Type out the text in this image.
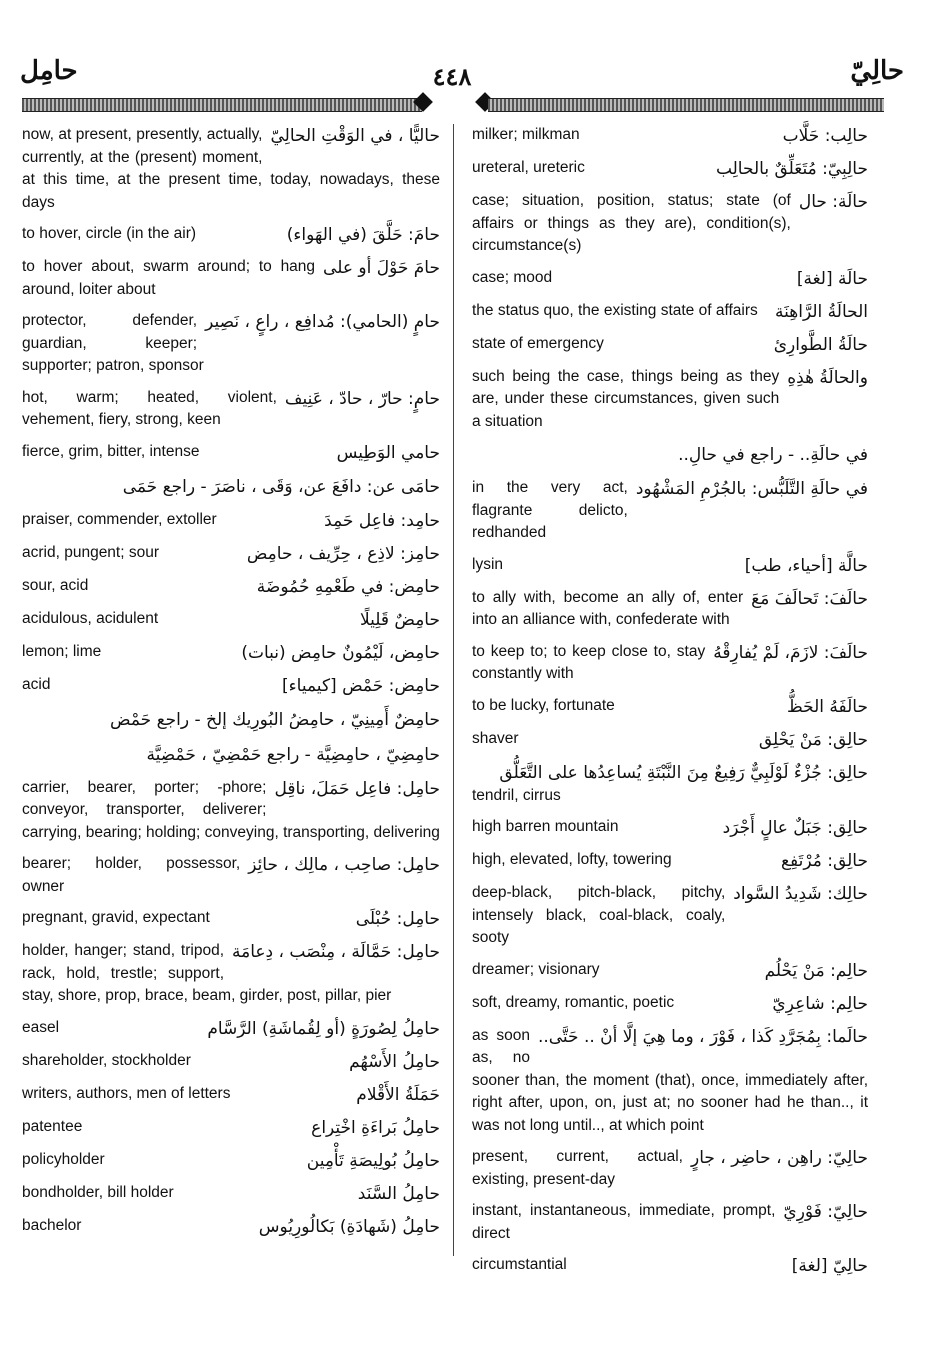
حامِل	٤٤٨	حالِيّ
حاليًّا ، في الوَقْتِ الحالِيّ
now, at present, presently, actually, currently, at the (present) moment, at this time, at the present time, today, nowadays, these days
حامَ: حَلَّقَ (في الهَواء)
to hover, circle (in the air)
حامَ حَوْلَ أو على
to hover about, swarm around; to hang around, loiter about
حامٍ (الحامي): مُدافِع ، راعٍ ، نَصِير
protector, defender, guardian, keeper; supporter; patron, sponsor
حامٍ: حارّ ، حادّ ، عَنِيف
hot, warm; heated, violent, vehement, fiery, strong, keen
حامي الوَطِيس
fierce, grim, bitter, intense
حامَى عن: دافَعَ عن، وَقَى ، ناصَرَ - راجع حَمَى
حامِد: فاعِل حَمِدَ
praiser, commender, extoller
حامِز: لاذِع ، حِرِّيف ، حامِض
acrid, pungent; sour
حامِض: في طَعْمِهِ حُمُوضَة
sour, acid
حامِضٌ قَلِيلًا
acidulous, acidulent
حامِض، لَيْمُونٌ حامِض (نبات)
lemon; lime
حامِض: حَمْض [كيمياء]
acid
حامِضٌ أَمِينِيّ ، حامِضُ البُورِيك إلخ - راجع حَمْض
حامِضِيّ ، حامِضِيَّة - راجع حَمْضِيّ ، حَمْضِيَّة
حامِل: فاعِل حَمَلَ، ناقِل
carrier, bearer, porter; -phore; conveyor, transporter, deliverer; carrying, bearing; holding; conveying, transporting, delivering
حامِل: صاحِب ، مالِك ، حائِز
bearer; holder, possessor, owner
حامِل: حُبْلَى
pregnant, gravid, expectant
حامِل: حَمَّالَة ، مِنْصَب ، دِعامَة
holder, hanger; stand, tripod, rack, hold, trestle; support, stay, shore, prop, brace, beam, girder, post, pillar, pier
حامِلُ لِصُورَةٍ (أو لِقُماشَةِ) الرَّسَّام
easel
حامِلُ الأَسْهُم
shareholder, stockholder
حَمَلَةُ الأَقْلام
writers, authors, men of letters
حامِلُ بَراءَةِ اخْتِراع
patentee
حامِلُ بُولِيصَةِ تَأْمِين
policyholder
حامِلُ السَّنَد
bondholder, bill holder
حامِلُ (شَهادَةِ) بَكالُورِيُوس
bachelor
حالِب: حَلَّاب
milker; milkman
حالِبِيّ: مُتَعَلِّقٌ بالحالِب
ureteral, ureteric
حالَة: حال
case; situation, position, status; state (of affairs or things as they are), condition(s), circumstance(s)
حالَة [لغة]
case; mood
الحالَةُ الرَّاهِنَة
the status quo, the existing state of affairs
حالَةُ الطَّوارِئ
state of emergency
والحالَةُ هٰذِهِ
such being the case, things being as they are, under these circumstances, given such a situation
في حالَةِ.. - راجع في حالِ..
في حالَةِ التَّلَبُّس: بالجُرْمِ المَشْهُود
in the very act, flagrante delicto, redhanded
حالَّة [أحياء، طب]
lysin
حالَفَ: تَحالَفَ مَعَ
to ally with, become an ally of, enter into an alliance with, confederate with
حالَفَ: لازَمَ، لَمْ يُفارِقْهُ
to keep to; to keep close to, stay constantly with
حالَفَهُ الحَظُّ
to be lucky, fortunate
حالِق: مَنْ يَحْلِق
shaver
حالِق: جُزْءٌ لَوْلَبِيٌّ رَفِيعٌ مِنَ النَّبْتَةِ يُساعِدُها على التَّعَلُّق
tendril, cirrus
حالِق: جَبَلٌ عالٍ أَجْرَد
high barren mountain
حالِق: مُرْتَفِع
high, elevated, lofty, towering
حالِك: شَدِيدُ السَّواد
deep-black, pitch-black, pitchy, intensely black, coal-black, coaly, sooty
حالِم: مَنْ يَحْلُم
dreamer; visionary
حالِم: شاعِرِيّ
soft, dreamy, romantic, poetic
حالَما: بِمُجَرَّدِ كَذا ، فَوْرَ ، وما هِيَ إلَّا أنْ .. حَتَّى..
as soon as, no sooner than, the moment (that), once, immediately after, right after, upon, on, just at; no sooner had he than.., it was not long until.., at which point
حالِيّ: راهِن ، حاضِر ، جارٍ
present, current, actual, existing, present-day
حالِيّ: فَوْرِيّ
instant, instantaneous, immediate, prompt, direct
حالِيّ [لغة]
circumstantial
